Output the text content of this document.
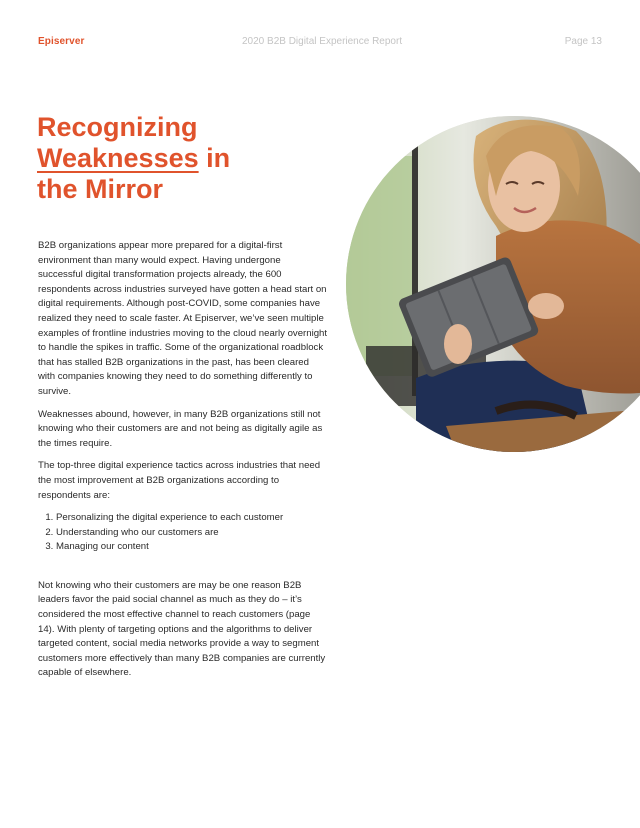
Episerver	2020 B2B Digital Experience Report	Page 13
Recognizing
Weaknesses in
the Mirror

B2B organizations appear more prepared for a digital-first environment than many would expect. Having undergone successful digital transformation projects already, the 600 respondents across industries surveyed have gotten a head start on digital requirements. Although post-COVID, some companies have realized they need to scale faster. At Episerver, we’ve seen multiple examples of frontline industries moving to the cloud nearly overnight to handle the spikes in traffic. Some of the organizational roadblock that has stalled B2B organizations in the past, has been cleared with companies knowing they need to do something differently to survive.

Weaknesses abound, however, in many B2B organizations still not knowing who their customers are and not being as digitally agile as the times require.

The top-three digital experience tactics across industries that need the most improvement at B2B organizations according to respondents are:

1. Personalizing the digital experience to each customer
2. Understanding who our customers are
3. Managing our content

Not knowing who their customers are may be one reason B2B leaders favor the paid social channel as much as they do – it’s considered the most effective channel to reach customers (page 14). With plenty of targeting options and the algorithms to deliver targeted content, social media networks provide a way to segment customers more effectively than many B2B companies are currently capable of elsewhere.
